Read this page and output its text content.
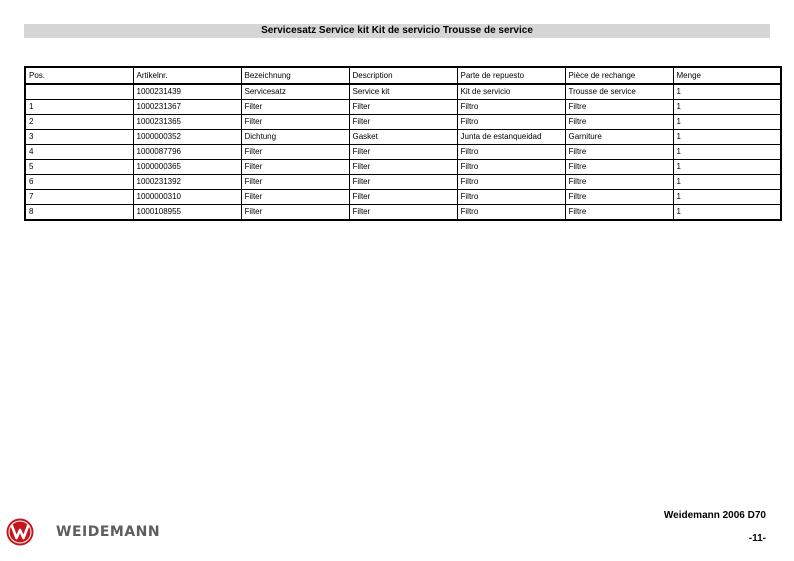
Servicesatz Service kit Kit de servicio Trousse de service
Pos.	Artikelnr.	Bezeichnung	Description	Parte de repuesto	Pièce de rechange	Menge
	1000231439	Servicesatz	Service kit	Kit de servicio	Trousse de service	1
1	1000231367	Filter	Filter	Filtro	Filtre	1
2	1000231365	Filter	Filter	Filtro	Filtre	1
3	1000000352	Dichtung	Gasket	Junta de estanqueidad	Garniture	1
4	1000087796	Filter	Filter	Filtro	Filtre	1
5	1000000365	Filter	Filter	Filtro	Filtre	1
6	1000231392	Filter	Filter	Filtro	Filtre	1
7	1000000310	Filter	Filter	Filtro	Filtre	1
8	1000108955	Filter	Filter	Filtro	Filtre	1
Weidemann 2006 D70
-11-
WEIDEMANN
